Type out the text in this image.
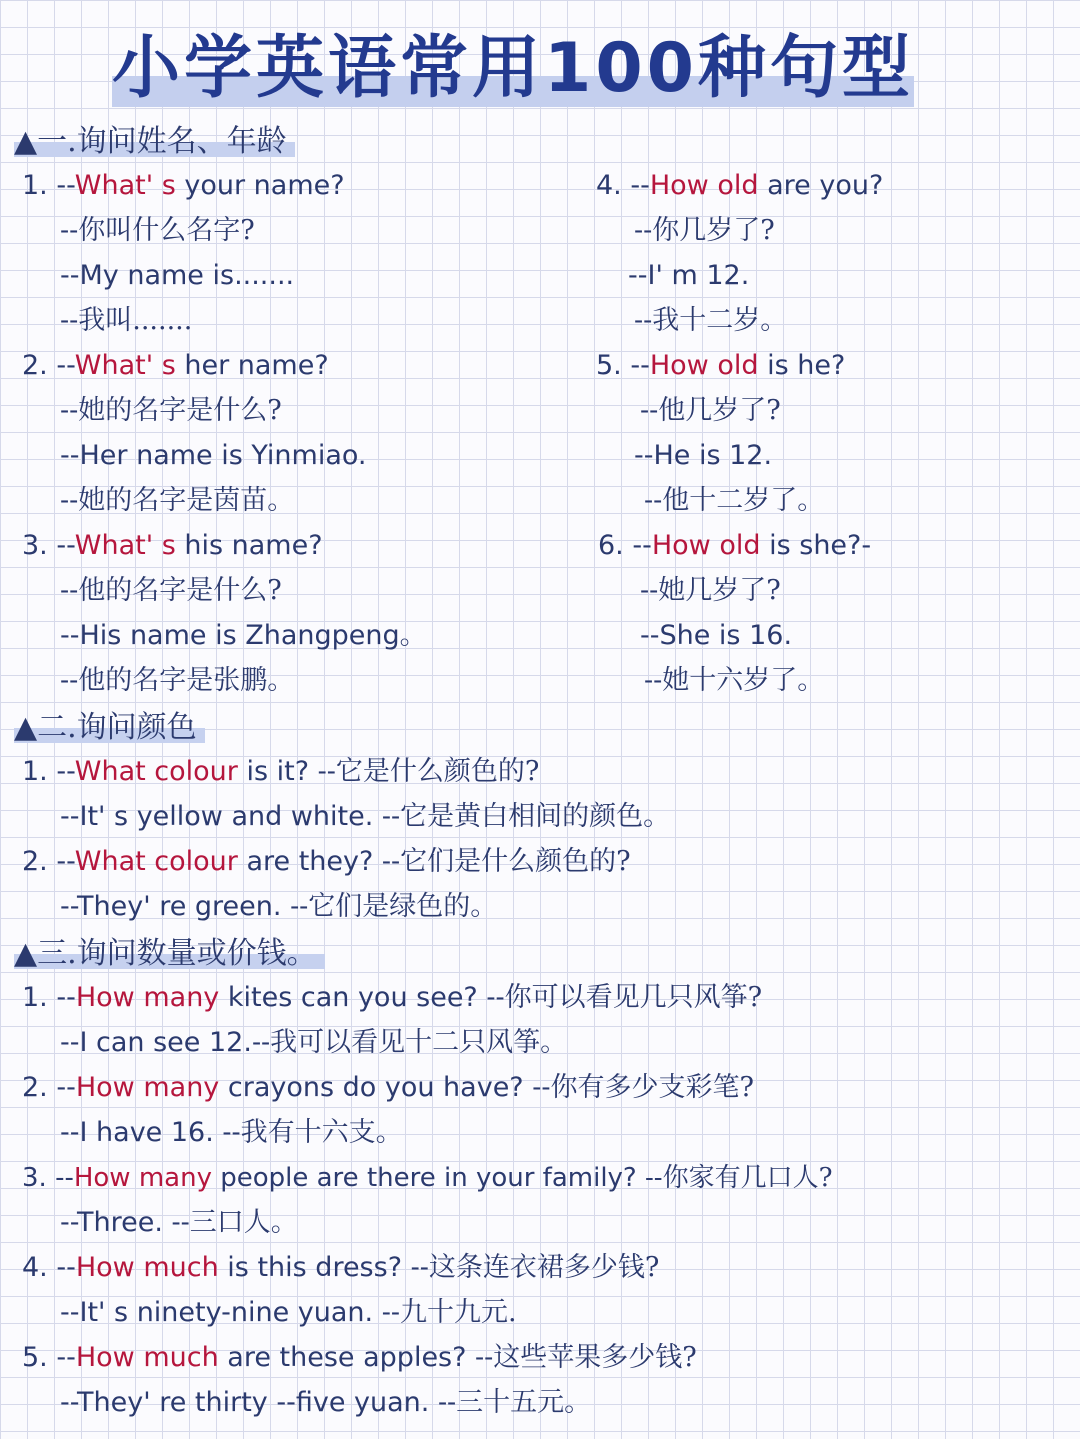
小学英语常用100种句型
▲一.询问姓名、年龄
1. --What' s your name?
--你叫什么名字?
--My name is.......
--我叫.......
2. --What' s her name?
--她的名字是什么?
--Her name is Yinmiao.
--她的名字是茵苗。
3. --What' s his name?
--他的名字是什么?
--His name is Zhangpeng。
--他的名字是张鹏。
4. --How old are you?
--你几岁了?
--I' m 12.
--我十二岁。
5. --How old is he?
--他几岁了?
--He is 12.
--他十二岁了。
6. --How old is she?-
--她几岁了?
--She is 16.
--她十六岁了。
▲二.询问颜色
1. --What colour is it? --它是什么颜色的?
--It' s yellow and white. --它是黄白相间的颜色。
2. --What colour are they? --它们是什么颜色的?
--They' re green. --它们是绿色的。
▲三.询问数量或价钱。
1. --How many kites can you see? --你可以看见几只风筝?
--I can see 12.--我可以看见十二只风筝。
2. --How many crayons do you have? --你有多少支彩笔?
--I have 16. --我有十六支。
3. --How many people are there in your family? --你家有几口人?
--Three. --三口人。
4. --How much is this dress? --这条连衣裙多少钱?
--It' s ninety-nine yuan. --九十九元.
5. --How much are these apples? --这些苹果多少钱?
--They' re thirty --five yuan. --三十五元。
